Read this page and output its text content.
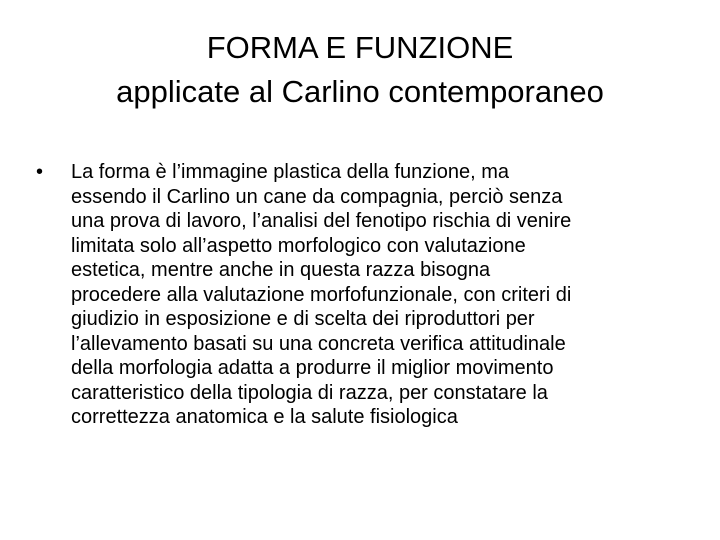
FORMA E FUNZIONE
applicate al Carlino contemporaneo
•	La forma è l’immagine plastica della funzione, ma
essendo il Carlino un cane da compagnia, perciò senza
una prova di lavoro, l’analisi del fenotipo rischia di venire
limitata solo all’aspetto morfologico con valutazione
estetica, mentre anche in questa razza bisogna
procedere alla valutazione morfofunzionale, con criteri di
giudizio in esposizione e di scelta dei riproduttori per
l’allevamento basati su una concreta verifica attitudinale
della morfologia adatta a produrre il miglior movimento
caratteristico della tipologia di razza, per constatare la
correttezza anatomica e la salute fisiologica
